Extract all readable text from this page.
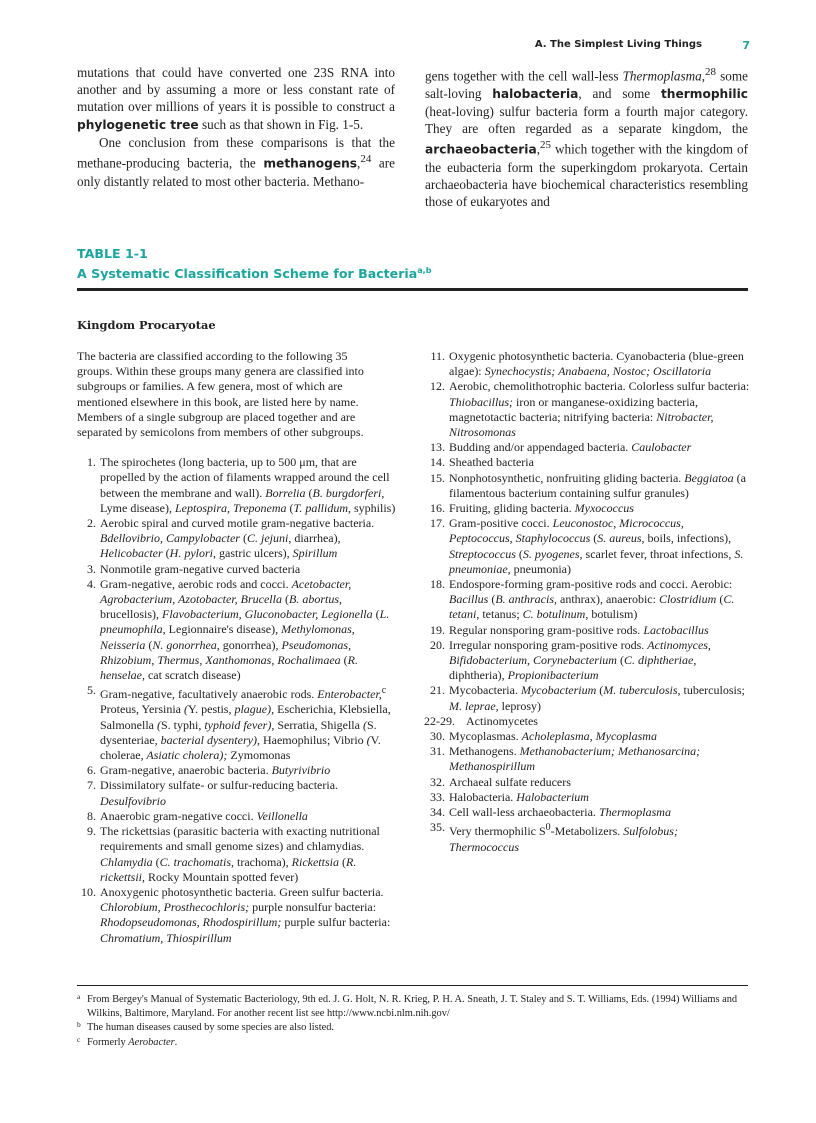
A. The Simplest Living Things	7

mutations that could have converted one 23S RNA into another and by assuming a more or less constant rate of mutation over millions of years it is possible to construct a phylogenetic tree such as that shown in Fig. 1-5.

One conclusion from these comparisons is that the methane-producing bacteria, the methanogens,$^{24}$ are only distantly related to most other bacteria. Methano-

gens together with the cell wall-less Thermoplasma,$^{28}$ some salt-loving halobacteria, and some thermophilic (heat-loving) sulfur bacteria form a fourth major category. They are often regarded as a separate kingdom, the archaeobacteria,$^{25}$ which together with the kingdom of the eubacteria form the superkingdom prokaryota. Certain archaeobacteria have biochemical characteristics resembling those of eukaryotes and

TABLE 1-1
A Systematic Classification Scheme for Bacteria$^{a,b}$
Kingdom Procaryotae

The bacteria are classified according to the following 35 groups. Within these groups many genera are classified into subgroups or families. A few genera, most of which are mentioned elsewhere in this book, are listed here by name. Members of a single subgroup are placed together and are separated by semicolons from members of other subgroups.

1. The spirochetes (long bacteria, up to 500 μm, that are propelled by the action of filaments wrapped around the cell between the membrane and wall). Borrelia (B. burgdorferi, Lyme disease), Leptospira, Treponema (T. pallidum, syphilis)
2. Aerobic spiral and curved motile gram-negative bacteria. Bdellovibrio, Campylobacter (C. jejuni, diarrhea), Helicobacter (H. pylori, gastric ulcers), Spirillum
3. Nonmotile gram-negative curved bacteria
4. Gram-negative, aerobic rods and cocci. Acetobacter, Agrobacterium, Azotobacter, Brucella (B. abortus, brucellosis), Flavobacterium, Gluconobacter, Legionella (L. pneumophila, Legionnaire's disease), Methylomonas, Neisseria (N. gonorrhea, gonorrhea), Pseudomonas, Rhizobium, Thermus, Xanthomonas, Rochalimaea (R. henselae, cat scratch disease)
5. Gram-negative, facultatively anaerobic rods. Enterobacter,$^c$ Proteus, Yersinia (Y. pestis, plague), Escherichia, Klebsiella, Salmonella (S. typhi, typhoid fever), Serratia, Shigella (S. dysenteriae, bacterial dysentery), Haemophilus; Vibrio (V. cholerae, Asiatic cholera); Zymomonas
6. Gram-negative, anaerobic bacteria. Butyrivibrio
7. Dissimilatory sulfate- or sulfur-reducing bacteria. Desulfovibrio
8. Anaerobic gram-negative cocci. Veillonella
9. The rickettsias (parasitic bacteria with exacting nutritional requirements and small genome sizes) and chlamydias. Chlamydia (C. trachomatis, trachoma), Rickettsia (R. rickettsii, Rocky Mountain spotted fever)
10. Anoxygenic photosynthetic bacteria. Green sulfur bacteria. Chlorobium, Prosthecochloris; purple nonsulfur bacteria: Rhodopseudomonas, Rhodospirillum; purple sulfur bacteria: Chromatium, Thiospirillum
11. Oxygenic photosynthetic bacteria. Cyanobacteria (blue-green algae): Synechocystis; Anabaena, Nostoc; Oscillatoria
12. Aerobic, chemolithotrophic bacteria. Colorless sulfur bacteria: Thiobacillus; iron or manganese-oxidizing bacteria, magnetotactic bacteria; nitrifying bacteria: Nitrobacter, Nitrosomonas
13. Budding and/or appendaged bacteria. Caulobacter
14. Sheathed bacteria
15. Nonphotosynthetic, nonfruiting gliding bacteria. Beggiatoa (a filamentous bacterium containing sulfur granules)
16. Fruiting, gliding bacteria. Myxococcus
17. Gram-positive cocci. Leuconostoc, Micrococcus, Peptococcus, Staphylococcus (S. aureus, boils, infections), Streptococcus (S. pyogenes, scarlet fever, throat infections, S. pneumoniae, pneumonia)
18. Endospore-forming gram-positive rods and cocci. Aerobic: Bacillus (B. anthracis, anthrax), anaerobic: Clostridium (C. tetani, tetanus; C. botulinum, botulism)
19. Regular nonsporing gram-positive rods. Lactobacillus
20. Irregular nonsporing gram-positive rods. Actinomyces, Bifidobacterium, Corynebacterium (C. diphtheriae, diphtheria), Propionibacterium
21. Mycobacteria. Mycobacterium (M. tuberculosis, tuberculosis; M. leprae, leprosy)
22-29. Actinomycetes
30. Mycoplasmas. Acholeplasma, Mycoplasma
31. Methanogens. Methanobacterium; Methanosarcina; Methanospirillum
32. Archaeal sulfate reducers
33. Halobacteria. Halobacterium
34. Cell wall-less archaeobacteria. Thermoplasma
35. Very thermophilic $S^0$-Metabolizers. Sulfolobus; Thermococcus
a From Bergey's Manual of Systematic Bacteriology, 9th ed. J. G. Holt, N. R. Krieg, P. H. A. Sneath, J. T. Staley and S. T. Williams, Eds. (1994) Williams and Wilkins, Baltimore, Maryland. For another recent list see http://www.ncbi.nlm.nih.gov/
b The human diseases caused by some species are also listed.
c Formerly Aerobacter.
